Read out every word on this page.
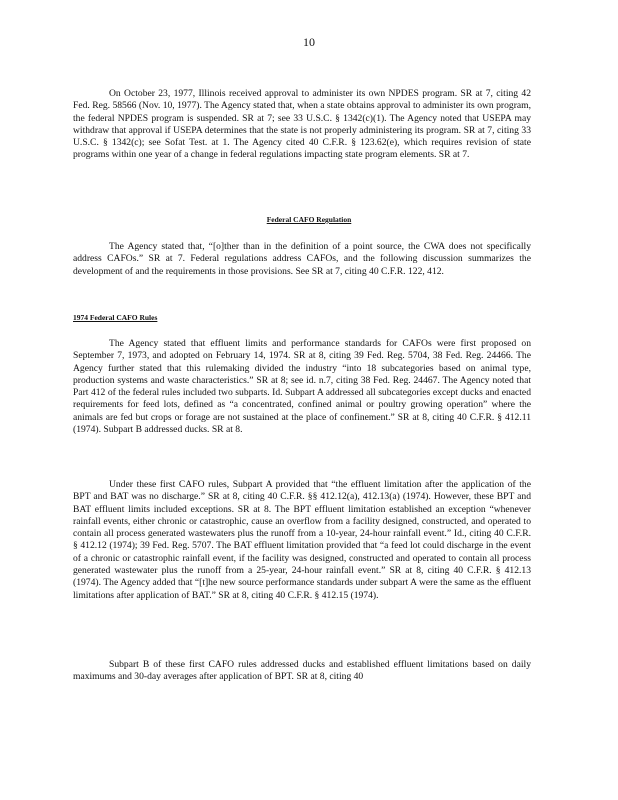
10

On October 23, 1977, Illinois received approval to administer its own NPDES program. SR at 7, citing 42 Fed. Reg. 58566 (Nov. 10, 1977). The Agency stated that, when a state obtains approval to administer its own program, the federal NPDES program is suspended. SR at 7; see 33 U.S.C. § 1342(c)(1). The Agency noted that USEPA may withdraw that approval if USEPA determines that the state is not properly administering its program. SR at 7, citing 33 U.S.C. § 1342(c); see Sofat Test. at 1. The Agency cited 40 C.F.R. § 123.62(e), which requires revision of state programs within one year of a change in federal regulations impacting state program elements. SR at 7.

Federal CAFO Regulation

The Agency stated that, “[o]ther than in the definition of a point source, the CWA does not specifically address CAFOs.” SR at 7. Federal regulations address CAFOs, and the following discussion summarizes the development of and the requirements in those provisions. See SR at 7, citing 40 C.F.R. 122, 412.

1974 Federal CAFO Rules

The Agency stated that effluent limits and performance standards for CAFOs were first proposed on September 7, 1973, and adopted on February 14, 1974. SR at 8, citing 39 Fed. Reg. 5704, 38 Fed. Reg. 24466. The Agency further stated that this rulemaking divided the industry “into 18 subcategories based on animal type, production systems and waste characteristics.” SR at 8; see id. n.7, citing 38 Fed. Reg. 24467. The Agency noted that Part 412 of the federal rules included two subparts. Id. Subpart A addressed all subcategories except ducks and enacted requirements for feed lots, defined as “a concentrated, confined animal or poultry growing operation” where the animals are fed but crops or forage are not sustained at the place of confinement.” SR at 8, citing 40 C.F.R. § 412.11 (1974). Subpart B addressed ducks. SR at 8.

Under these first CAFO rules, Subpart A provided that “the effluent limitation after the application of the BPT and BAT was no discharge.” SR at 8, citing 40 C.F.R. §§ 412.12(a), 412.13(a) (1974). However, these BPT and BAT effluent limits included exceptions. SR at 8. The BPT effluent limitation established an exception “whenever rainfall events, either chronic or catastrophic, cause an overflow from a facility designed, constructed, and operated to contain all process generated wastewaters plus the runoff from a 10-year, 24-hour rainfall event.” Id., citing 40 C.F.R. § 412.12 (1974); 39 Fed. Reg. 5707. The BAT effluent limitation provided that “a feed lot could discharge in the event of a chronic or catastrophic rainfall event, if the facility was designed, constructed and operated to contain all process generated wastewater plus the runoff from a 25-year, 24-hour rainfall event.” SR at 8, citing 40 C.F.R. § 412.13 (1974). The Agency added that “[t]he new source performance standards under subpart A were the same as the effluent limitations after application of BAT.” SR at 8, citing 40 C.F.R. § 412.15 (1974).

Subpart B of these first CAFO rules addressed ducks and established effluent limitations based on daily maximums and 30-day averages after application of BPT. SR at 8, citing 40
